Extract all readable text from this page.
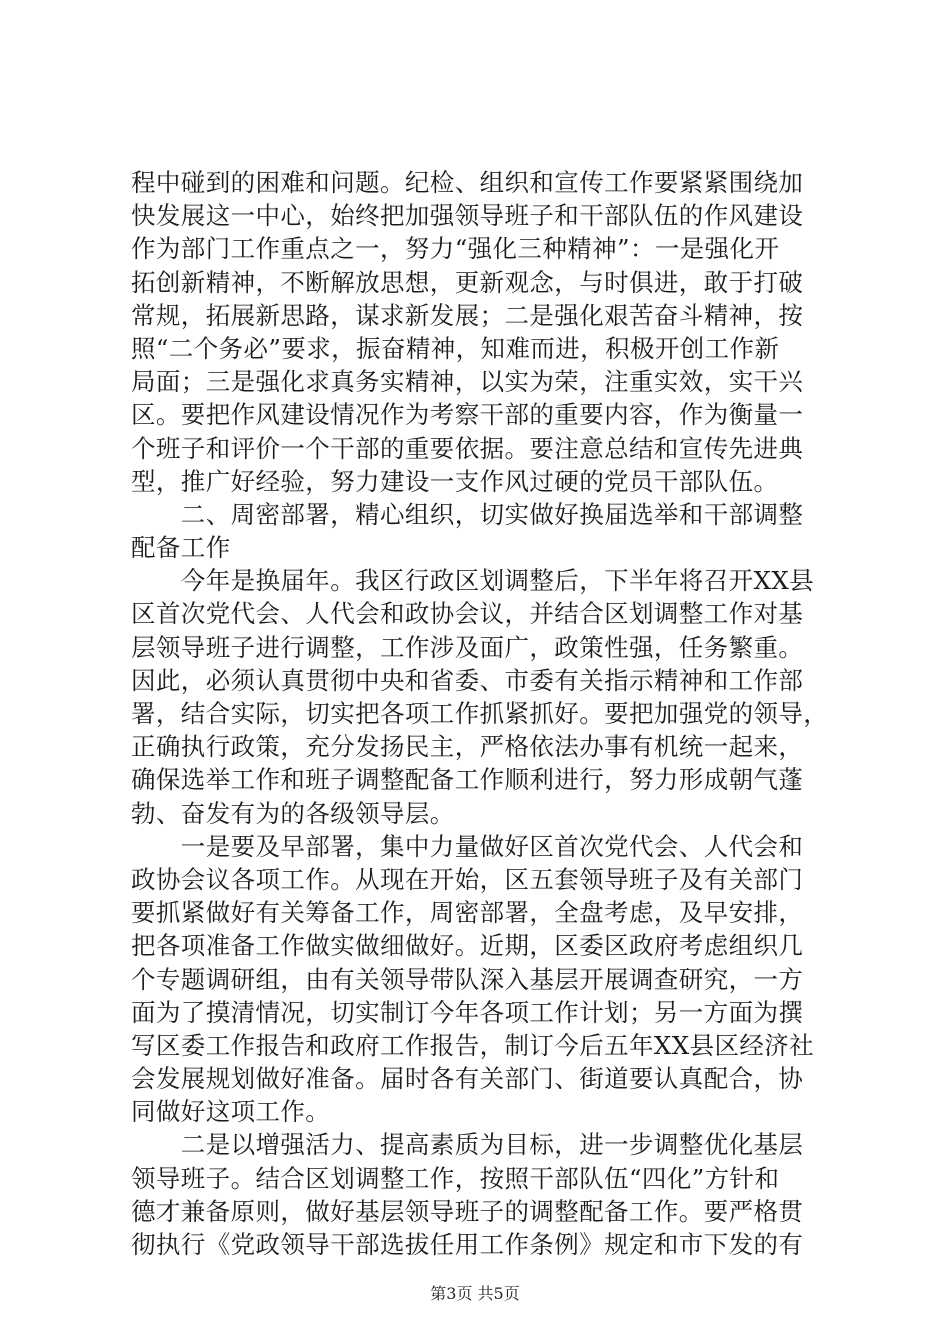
程中碰到的困难和问题。纪检、组织和宣传工作要紧紧围绕加
快发展这一中心，始终把加强领导班子和干部队伍的作风建设
作为部门工作重点之一，努力“强化三种精神”：一是强化开
拓创新精神，不断解放思想，更新观念，与时俱进，敢于打破
常规，拓展新思路，谋求新发展；二是强化艰苦奋斗精神，按
照“二个务必”要求，振奋精神，知难而进，积极开创工作新
局面；三是强化求真务实精神，以实为荣，注重实效，实干兴
区。要把作风建设情况作为考察干部的重要内容，作为衡量一
个班子和评价一个干部的重要依据。要注意总结和宣传先进典
型，推广好经验，努力建设一支作风过硬的党员干部队伍。
　　二、周密部署，精心组织，切实做好换届选举和干部调整
配备工作
　　今年是换届年。我区行政区划调整后，下半年将召开XX县
区首次党代会、人代会和政协会议，并结合区划调整工作对基
层领导班子进行调整，工作涉及面广，政策性强，任务繁重。
因此，必须认真贯彻中央和省委、市委有关指示精神和工作部
署，结合实际，切实把各项工作抓紧抓好。要把加强党的领导，
正确执行政策，充分发扬民主，严格依法办事有机统一起来，
确保选举工作和班子调整配备工作顺利进行，努力形成朝气蓬
勃、奋发有为的各级领导层。
　　一是要及早部署，集中力量做好区首次党代会、人代会和
政协会议各项工作。从现在开始，区五套领导班子及有关部门
要抓紧做好有关筹备工作，周密部署，全盘考虑，及早安排，
把各项准备工作做实做细做好。近期，区委区政府考虑组织几
个专题调研组，由有关领导带队深入基层开展调查研究，一方
面为了摸清情况，切实制订今年各项工作计划；另一方面为撰
写区委工作报告和政府工作报告，制订今后五年XX县区经济社
会发展规划做好准备。届时各有关部门、街道要认真配合，协
同做好这项工作。
　　二是以增强活力、提高素质为目标，进一步调整优化基层
领导班子。结合区划调整工作，按照干部队伍“四化”方针和
德才兼备原则，做好基层领导班子的调整配备工作。要严格贯
彻执行《党政领导干部选拔任用工作条例》规定和市下发的有
第3页 共5页
